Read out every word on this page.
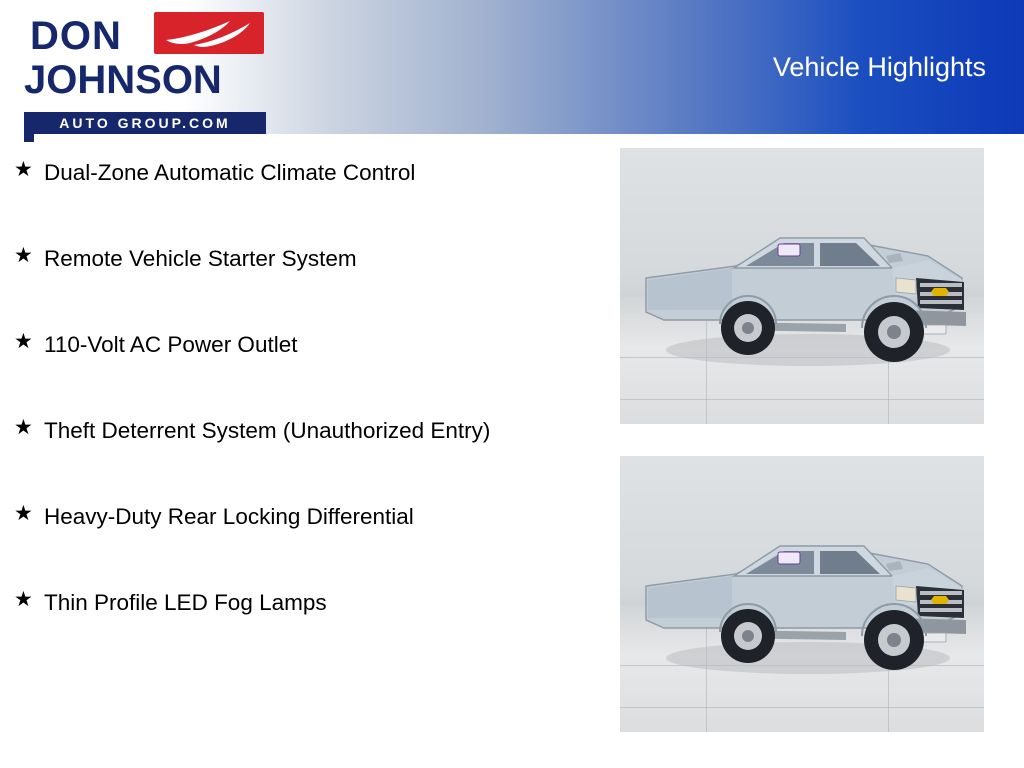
DON
JOHNSON
AUTO GROUP.COM
Vehicle Highlights
★ Dual-Zone Automatic Climate Control
★ Remote Vehicle Starter System
★ 110-Volt AC Power Outlet
★ Theft Deterrent System (Unauthorized Entry)
★ Heavy-Duty Rear Locking Differential
★ Thin Profile LED Fog Lamps
